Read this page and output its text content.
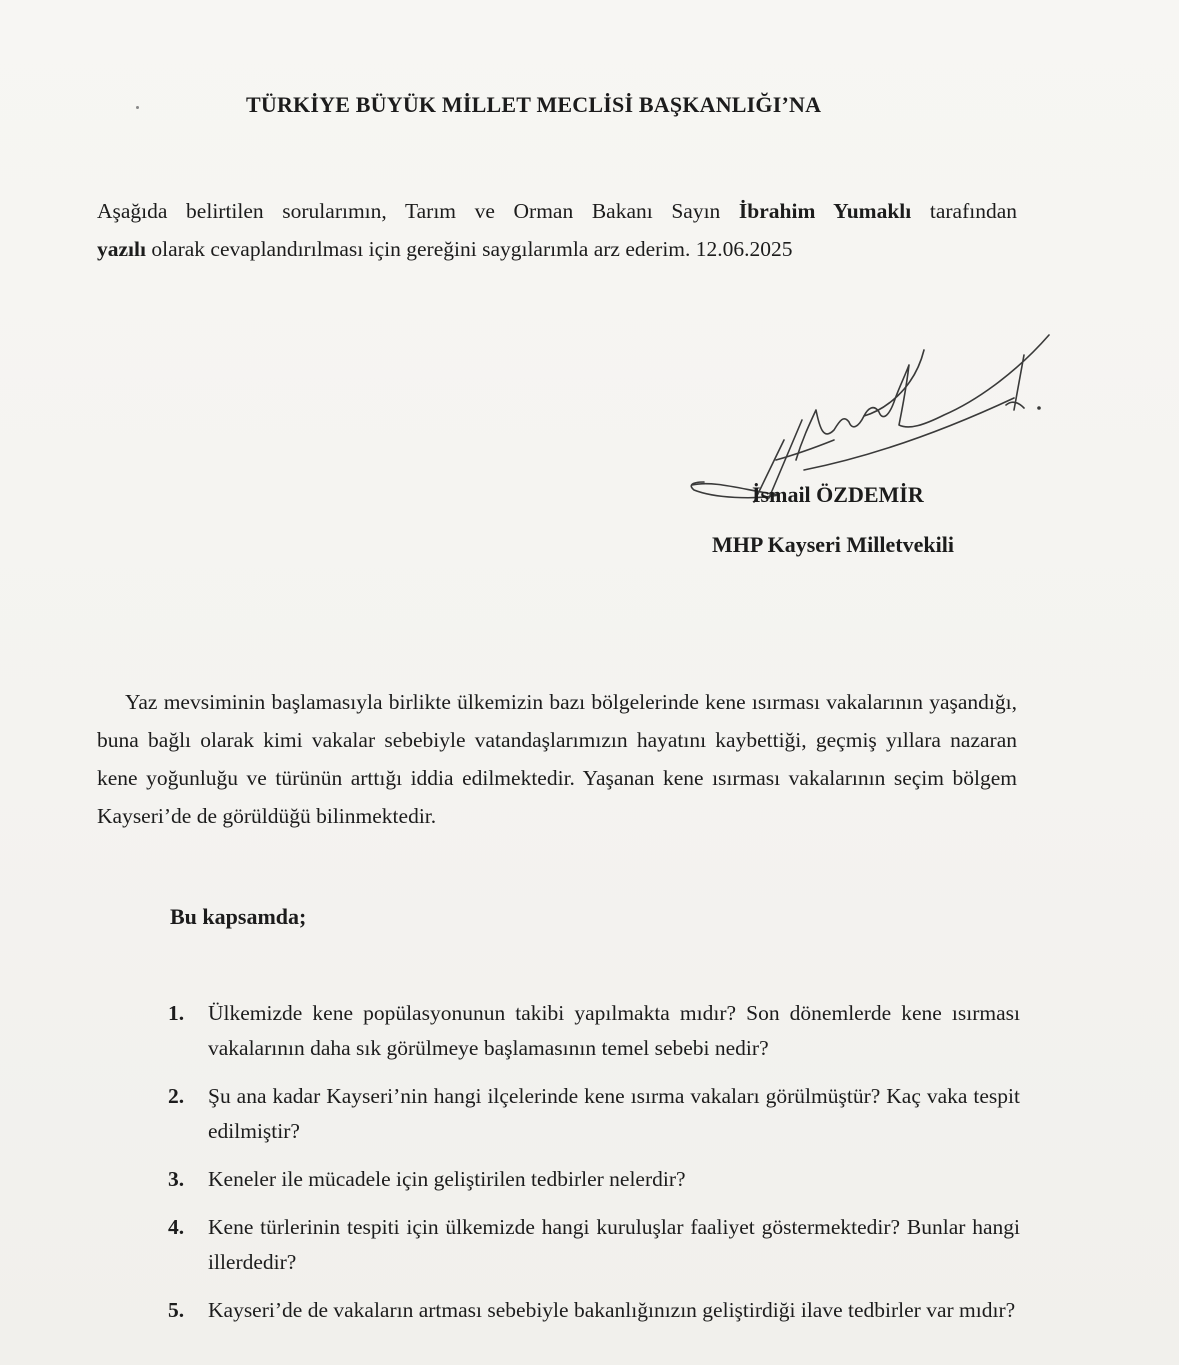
TÜRKİYE BÜYÜK MİLLET MECLİSİ BAŞKANLIĞI’NA
Aşağıda belirtilen sorularımın, Tarım ve Orman Bakanı Sayın İbrahim Yumaklı tarafından
yazılı olarak cevaplandırılması için gereğini saygılarımla arz ederim. 12.06.2025
İsmail ÖZDEMİR
MHP Kayseri Milletvekili
Yaz mevsiminin başlamasıyla birlikte ülkemizin bazı bölgelerinde kene ısırması vakalarının yaşandığı, buna bağlı olarak kimi vakalar sebebiyle vatandaşlarımızın hayatını kaybettiği, geçmiş yıllara nazaran kene yoğunluğu ve türünün arttığı iddia edilmektedir. Yaşanan kene ısırması vakalarının seçim bölgem Kayseri’de de görüldüğü bilinmektedir.
Bu kapsamda;
1. Ülkemizde kene popülasyonunun takibi yapılmakta mıdır? Son dönemlerde kene ısırması vakalarının daha sık görülmeye başlamasının temel sebebi nedir?
2. Şu ana kadar Kayseri’nin hangi ilçelerinde kene ısırma vakaları görülmüştür? Kaç vaka tespit edilmiştir?
3. Keneler ile mücadele için geliştirilen tedbirler nelerdir?
4. Kene türlerinin tespiti için ülkemizde hangi kuruluşlar faaliyet göstermektedir? Bunlar hangi illerdedir?
5. Kayseri’de de vakaların artması sebebiyle bakanlığınızın geliştirdiği ilave tedbirler var mıdır?
